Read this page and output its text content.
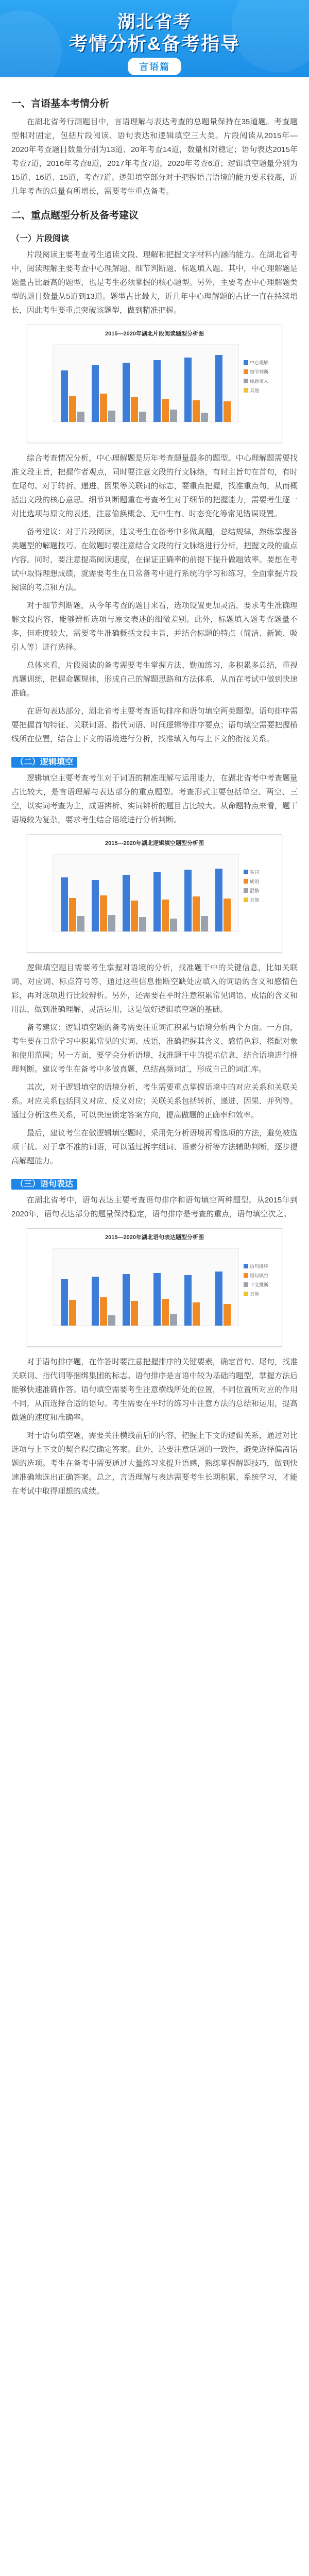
湖北省考
考情分析&备考指导
言语篇
一、言语基本考情分析

在湖北省考行测题目中，言语理解与表达考查的总题量保持在35道题。考查题型相对固定，包括片段阅读、语句表达和逻辑填空三大类。片段阅读从2015年—2020年考查题目数量分别为13道、20年考查14道，数量相对稳定；语句表达2015年考查7道，2016年考查8道，2017年考查7道，2020年考查6道；逻辑填空题量分别为15道、16道、15道，考查7道。逻辑填空部分对于把握语言语境的能力要求较高，近几年考查的总量有所增长，需要考生重点备考。

二、重点题型分析及备考建议
（一）片段阅读

片段阅读主要考查考生通读文段、理解和把握文字材料内涵的能力。在湖北省考中，阅读理解主要考查中心理解题、细节判断题、标题填入题、其中，中心理解题是题量占比最高的题型，也是考生必须掌握的核心题型。另外，主要考查中心理解题类型的题目数量从5道到13道。题型占比最大，近几年中心理解题的占比一直在持续增长，因此考生要重点突破该题型，做到精准把握。

2015—2020年湖北片段阅读题型分析图
中心理解
细节判断
标题填入
其他

综合考查情况分析，中心理解题是历年考查题量最多的题型。中心理解题需要找准文段主旨，把握作者观点，同时要注意文段的行文脉络，有时主旨句在首句，有时在尾句。对于转折、递进、因果等关联词的标志，要重点把握，找准重点句，从而概括出文段的核心意思。细节判断题重在考查考生对于细节的把握能力，需要考生逐一对比选项与原文的表述，注意偷换概念、无中生有、时态变化等常见错误设置。

备考建议：对于片段阅读，建议考生在备考中多做真题，总结规律，熟练掌握各类题型的解题技巧。在做题时要注意结合文段的行文脉络进行分析，把握文段的重点内容。同时，要注意提高阅读速度，在保证正确率的前提下提升做题效率。要想在考试中取得理想成绩，就需要考生在日常备考中进行系统的学习和练习，全面掌握片段阅读的考点和方法。

对于细节判断题，从今年考查的题目来看，选项设置更加灵活，要求考生准确理解文段内容，能够辨析选项与原文表述的细微差别。此外，标题填入题考查题量不多，但难度较大，需要考生准确概括文段主旨，并结合标题的特点（简洁、新颖、吸引人等）进行选择。

总体来看，片段阅读的备考需要考生掌握方法、勤加练习，多积累多总结，重视真题训练，把握命题规律，形成自己的解题思路和方法体系，从而在考试中做到快速准确。

在语句表达部分，湖北省考主要考查语句排序和语句填空两类题型。语句排序需要把握首句特征、关联词语、指代词语、时间逻辑等排序要点；语句填空需要把握横线所在位置，结合上下文的语境进行分析，找准填入句与上下文的衔接关系。

（二）逻辑填空

逻辑填空主要考查考生对于词语的精准理解与运用能力，在湖北省考中考查题量占比较大，是言语理解与表达部分的重点题型。考查形式主要包括单空、两空、三空，以实词考查为主，成语辨析、实词辨析的题目占比较大。从命题特点来看，题干语境较为复杂，要求考生结合语境进行分析判断。

2015—2020年湖北逻辑填空题型分析图
实词
成语
混搭
其他

逻辑填空题目需要考生掌握对语境的分析，找准题干中的关键信息，比如关联词、对应词、标点符号等，通过这些信息推断空缺处应填入的词语的含义和感情色彩，再对选项进行比较辨析。另外，还需要在平时注意积累常见词语、成语的含义和用法，做到准确理解、灵活运用，这是做好逻辑填空题的基础。

备考建议：逻辑填空题的备考需要注重词汇积累与语境分析两个方面。一方面，考生要在日常学习中积累常见的实词、成语，准确把握其含义、感情色彩、搭配对象和使用范围；另一方面，要学会分析语境，找准题干中的提示信息，结合语境进行推理判断。建议考生在备考中多做真题，总结高频词汇，形成自己的词汇库。

其次，对于逻辑填空的语境分析，考生需要重点掌握语境中的对应关系和关联关系。对应关系包括同义对应、反义对应；关联关系包括转折、递进、因果、并列等。通过分析这些关系，可以快速锁定答案方向，提高做题的正确率和效率。

最后，建议考生在做逻辑填空题时，采用先分析语境再看选项的方法，避免被选项干扰。对于拿不准的词语，可以通过拆字组词、语素分析等方法辅助判断，逐步提高解题能力。

（三）语句表达

在湖北省考中，语句表达主要考查语句排序和语句填空两种题型。从2015年到2020年，语句表达部分的题量保持稳定，语句排序是考查的重点，语句填空次之。

2015—2020年湖北语句表达题型分析图
语句排序
语句填空
下文推断
其他

对于语句排序题，在作答时要注意把握排序的关键要素，确定首句、尾句，找准关联词、指代词等捆绑集团的标志。语句排序是言语中较为基础的题型，掌握方法后能够快速准确作答。语句填空需要考生注意横线所处的位置，不同位置所对应的作用不同，从而选择合适的语句。考生需要在平时的练习中注意方法的总结和运用，提高做题的速度和准确率。

对于语句填空题，需要关注横线前后的内容，把握上下文的逻辑关系，通过对比选项与上下文的契合程度确定答案。此外，还要注意话题的一致性，避免选择偏离话题的选项。考生在备考中需要通过大量练习来提升语感，熟练掌握解题技巧，做到快速准确地选出正确答案。总之，言语理解与表达需要考生长期积累、系统学习，才能在考试中取得理想的成绩。
